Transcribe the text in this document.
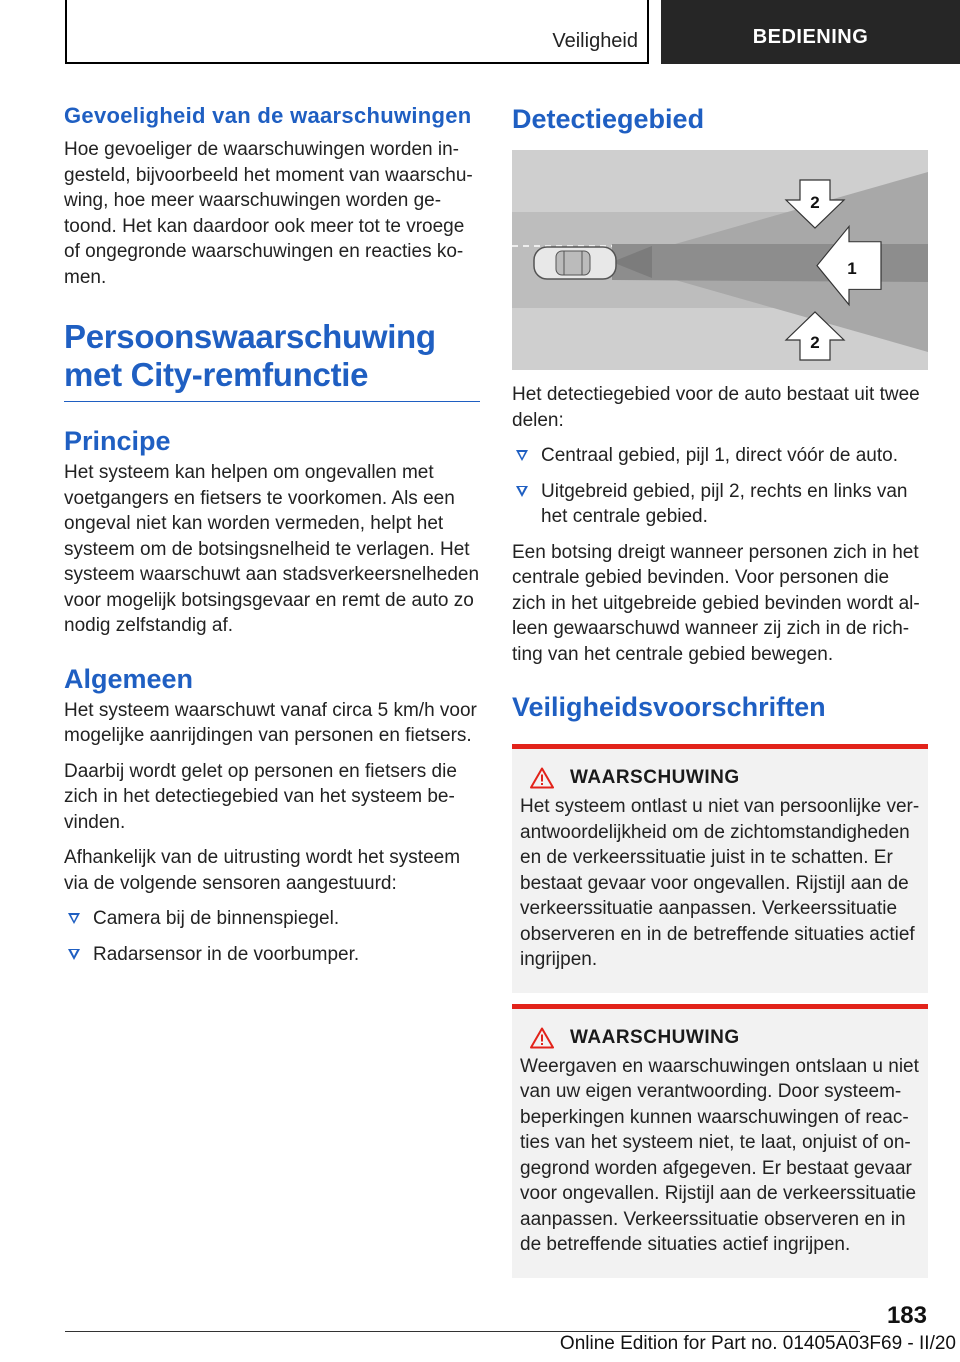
Veiligheid	BEDIENING
Gevoeligheid van de waarschuwingen

Hoe gevoeliger de waarschuwingen worden in-gesteld, bijvoorbeeld het moment van waarschu-wing, hoe meer waarschuwingen worden ge-toond. Het kan daardoor ook meer tot te vroege of ongegronde waarschuwingen en reacties ko-men.

Persoonswaarschuwing met City-remfunctie
Principe

Het systeem kan helpen om ongevallen met voetgangers en fietsers te voorkomen. Als een ongeval niet kan worden vermeden, helpt het systeem om de botsingsnelheid te verlagen. Het systeem waarschuwt aan stadsverkeersnelheden voor mogelijk botsingsgevaar en remt de auto zo nodig zelfstandig af.

Algemeen

Het systeem waarschuwt vanaf circa 5 km/h voor mogelijke aanrijdingen van personen en fietsers.

Daarbij wordt gelet op personen en fietsers die zich in het detectiegebied van het systeem be-vinden.

Afhankelijk van de uitrusting wordt het systeem via de volgende sensoren aangestuurd:

Camera bij de binnenspiegel.
Radarsensor in de voorbumper.
Detectiegebied
2
1
2

Het detectiegebied voor de auto bestaat uit twee delen:

Centraal gebied, pijl 1, direct vóór de auto.
Uitgebreid gebied, pijl 2, rechts en links van het centrale gebied.

Een botsing dreigt wanneer personen zich in het centrale gebied bevinden. Voor personen die zich in het uitgebreide gebied bevinden wordt al-leen gewaarschuwd wanneer zij zich in de rich-ting van het centrale gebied bewegen.

Veiligheidsvoorschriften
WAARSCHUWING

Het systeem ontlast u niet van persoonlijke ver-antwoordelijkheid om de zichtomstandigheden en de verkeerssituatie juist in te schatten. Er bestaat gevaar voor ongevallen. Rijstijl aan de verkeerssituatie aanpassen. Verkeerssituatie observeren en in de betreffende situaties actief ingrijpen.

WAARSCHUWING

Weergaven en waarschuwingen ontslaan u niet van uw eigen verantwoording. Door systeem-beperkingen kunnen waarschuwingen of reac-ties van het systeem niet, te laat, onjuist of on-gegrond worden afgegeven. Er bestaat gevaar voor ongevallen. Rijstijl aan de verkeerssituatie aanpassen. Verkeerssituatie observeren en in de betreffende situaties actief ingrijpen.

183
Online Edition for Part no. 01405A03F69 - II/20
